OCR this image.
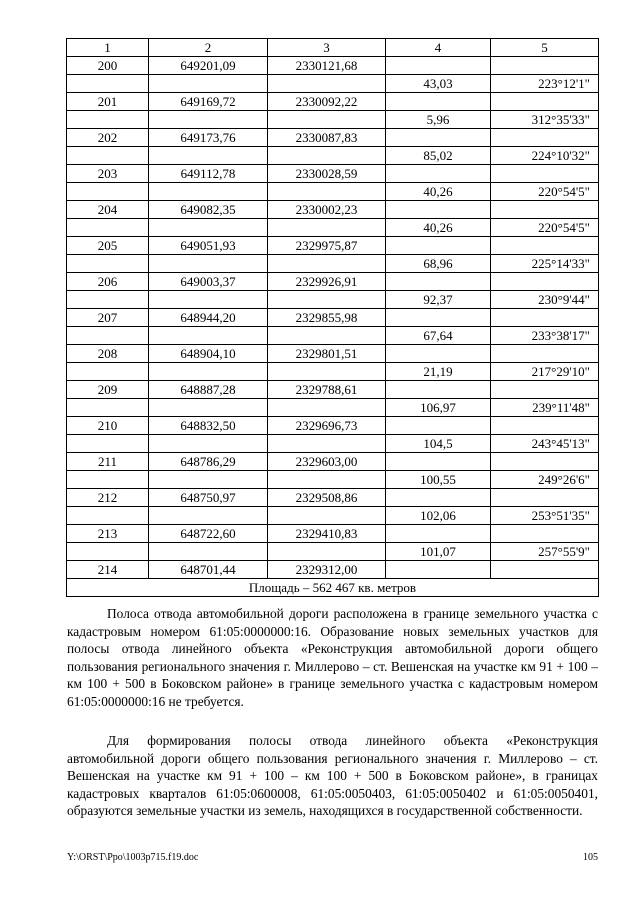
1	2	3	4	5
200	649201,09	2330121,68		
			43,03	223°12'1"
201	649169,72	2330092,22		
			5,96	312°35'33"
202	649173,76	2330087,83		
			85,02	224°10'32"
203	649112,78	2330028,59		
			40,26	220°54'5"
204	649082,35	2330002,23		
			40,26	220°54'5"
205	649051,93	2329975,87		
			68,96	225°14'33"
206	649003,37	2329926,91		
			92,37	230°9'44"
207	648944,20	2329855,98		
			67,64	233°38'17"
208	648904,10	2329801,51		
			21,19	217°29'10"
209	648887,28	2329788,61		
			106,97	239°11'48"
210	648832,50	2329696,73		
			104,5	243°45'13"
211	648786,29	2329603,00		
			100,55	249°26'6"
212	648750,97	2329508,86		
			102,06	253°51'35"
213	648722,60	2329410,83		
			101,07	257°55'9"
214	648701,44	2329312,00		
Площадь – 562 467 кв. метров				

Полоса отвода автомобильной дороги расположена в границе земельного участка с кадастровым номером 61:05:0000000:16. Образование новых земельных участков для полосы отвода линейного объекта «Реконструкция автомобильной дороги общего пользования регионального значения г. Миллерово – ст. Вешенская на участке км 91 + 100 – км 100 + 500 в Боковском районе» в границе земельного участка с кадастровым номером 61:05:0000000:16 не требуется.

Для формирования полосы отвода линейного объекта «Реконструкция автомобильной дороги общего пользования регионального значения г. Миллерово – ст. Вешенская на участке км 91 + 100 – км 100 + 500 в Боковском районе», в границах кадастровых кварталов 61:05:0600008, 61:05:0050403, 61:05:0050402 и 61:05:0050401, образуются земельные участки из земель, находящихся в государственной собственности.

Y:\ORST\Ppo\1003p715.f19.doc	105
